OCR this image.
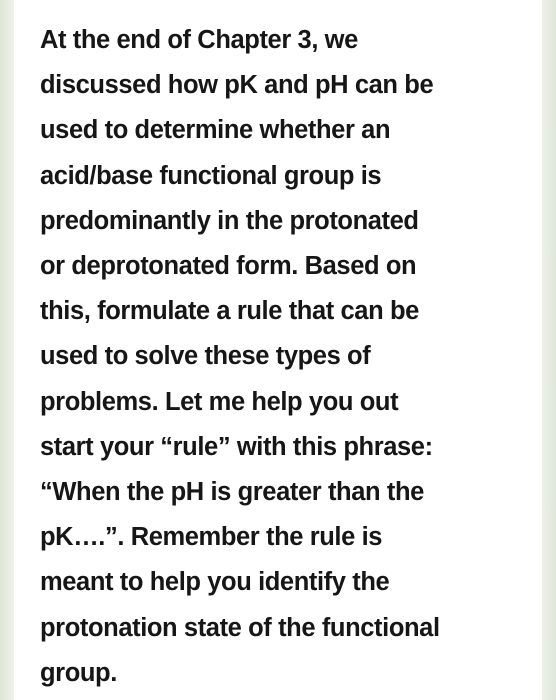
At the end of Chapter 3, we
discussed how pK and pH can be
used to determine whether an
acid/base functional group is
predominantly in the protonated
or deprotonated form. Based on
this, formulate a rule that can be
used to solve these types of
problems. Let me help you out
start your “rule” with this phrase:
“When the pH is greater than the
pK….”. Remember the rule is
meant to help you identify the
protonation state of the functional
group.
